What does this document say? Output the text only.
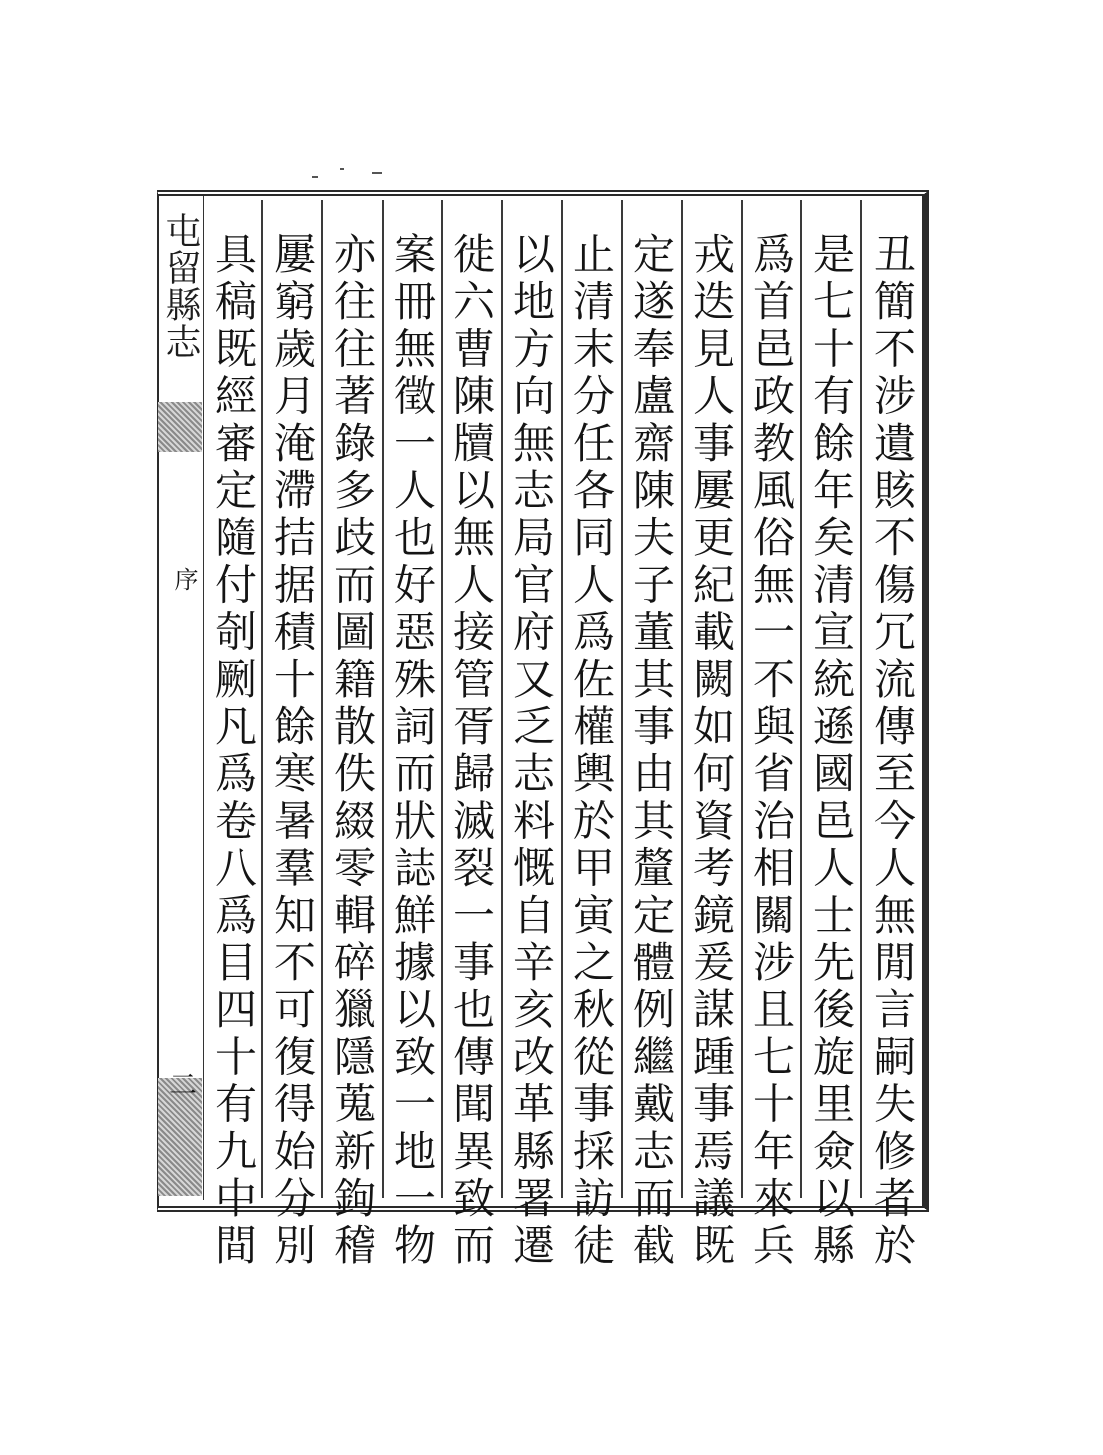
屯留縣志
序
二	丑簡不涉遺賅不傷冗流傳至今人無閒言嗣失修者於
是七十有餘年矣清宣統遜國邑人士先後旋里僉以縣
爲首邑政教風俗無一不與省治相關涉且七十年來兵
戎迭見人事屢更紀載闕如何資考鏡爰謀踵事焉議既
定遂奉盧齋陳夫子董其事由其釐定體例繼戴志而截
止清末分任各同人爲佐權輿於甲寅之秋從事採訪徒
以地方向無志局官府又乏志料慨自辛亥改革縣署遷
徙六曹陳牘以無人接管胥歸滅裂一事也傳聞異致而
案冊無徵一人也好惡殊詞而狀誌鮮據以致一地一物
亦往往著錄多歧而圖籍散佚綴零輯碎獵隱蒐新鉤稽
屢窮歲月淹滯拮据積十餘寒暑羣知不可復得始分別
具稿既經審定隨付剞劂凡爲卷八爲目四十有九中間
